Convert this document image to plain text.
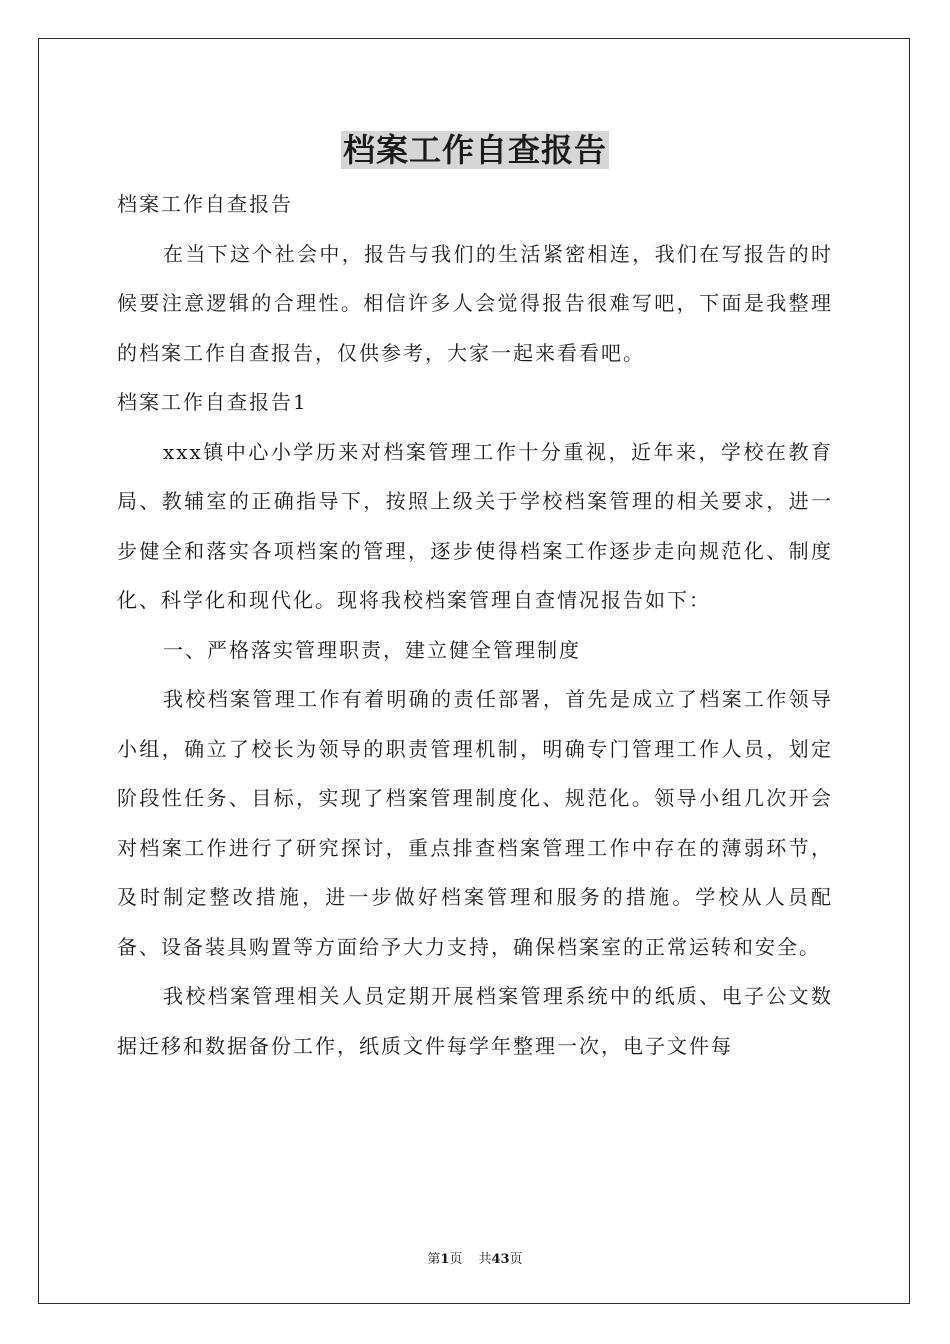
档案工作自查报告

档案工作自查报告

在当下这个社会中，报告与我们的生活紧密相连，我们在写报告的时候要注意逻辑的合理性。相信许多人会觉得报告很难写吧，下面是我整理的档案工作自查报告，仅供参考，大家一起来看看吧。

档案工作自查报告1

xxx镇中心小学历来对档案管理工作十分重视，近年来，学校在教育局、教辅室的正确指导下，按照上级关于学校档案管理的相关要求，进一步健全和落实各项档案的管理，逐步使得档案工作逐步走向规范化、制度化、科学化和现代化。现将我校档案管理自查情况报告如下：

一、严格落实管理职责，建立健全管理制度

我校档案管理工作有着明确的责任部署，首先是成立了档案工作领导小组，确立了校长为领导的职责管理机制，明确专门管理工作人员，划定阶段性任务、目标，实现了档案管理制度化、规范化。领导小组几次开会对档案工作进行了研究探讨，重点排查档案管理工作中存在的薄弱环节，及时制定整改措施，进一步做好档案管理和服务的措施。学校从人员配备、设备装具购置等方面给予大力支持，确保档案室的正常运转和安全。

我校档案管理相关人员定期开展档案管理系统中的纸质、电子公文数据迁移和数据备份工作，纸质文件每学年整理一次，电子文件每

第1页 共43页
